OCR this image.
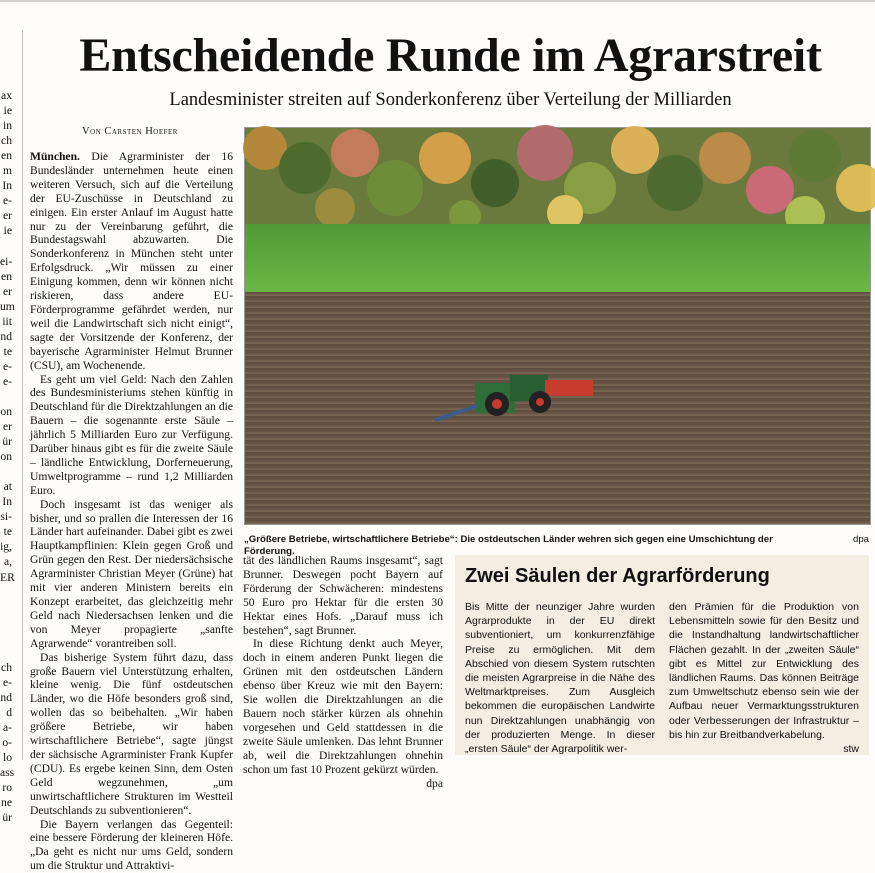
ax
ie
in
ch
en
m
In
e-
er
ie

ei-
en
er
um
iit
nd
te
e-
e-

on
er
ür
on

at
In
si-
te
ig,
a,
ER

ch
e-
nd
d
a-
o-
lo
ass
ro
ne
ür
Entscheidende Runde im Agrarstreit
Landesminister streiten auf Sonderkonferenz über Verteilung der Milliarden
Von Carsten Hoefer

München. Die Agrarminister der 16 Bundesländer unternehmen heute einen weiteren Versuch, sich auf die Verteilung der EU-Zuschüsse in Deutschland zu einigen. Ein erster Anlauf im August hatte nur zu der Vereinbarung geführt, die Bundestagswahl abzuwarten. Die Sonderkonferenz in München steht unter Erfolgsdruck. „Wir müssen zu einer Einigung kommen, denn wir können nicht riskieren, dass andere EU-Förderprogramme gefährdet werden, nur weil die Landwirtschaft sich nicht einigt“, sagte der Vorsitzende der Konferenz, der bayerische Agrarminister Helmut Brunner (CSU), am Wochenende.

Es geht um viel Geld: Nach den Zahlen des Bundesministeriums stehen künftig in Deutschland für die Direktzahlungen an die Bauern – die sogenannte erste Säule – jährlich 5 Milliarden Euro zur Verfügung. Darüber hinaus gibt es für die zweite Säule – ländliche Entwicklung, Dorferneuerung, Umweltprogramme – rund 1,2 Milliarden Euro.

Doch insgesamt ist das weniger als bisher, und so prallen die Interessen der 16 Länder hart aufeinander. Dabei gibt es zwei Hauptkampflinien: Klein gegen Groß und Grün gegen den Rest. Der niedersächsische Agrarminister Christian Meyer (Grüne) hat mit vier anderen Ministern bereits ein Konzept erarbeitet, das gleichzeitig mehr Geld nach Niedersachsen lenken und die von Meyer propagierte „sanfte Agrarwende“ vorantreiben soll.

Das bisherige System führt dazu, dass große Bauern viel Unterstützung erhalten, kleine wenig. Die fünf ostdeutschen Länder, wo die Höfe besonders groß sind, wollen das so beibehalten. „Wir haben größere Betriebe, wir haben wirtschaftlichere Betriebe“, sagte jüngst der sächsische Agrarminister Frank Kupfer (CDU). Es ergebe keinen Sinn, dem Osten Geld wegzunehmen, „um unwirtschaftlichere Strukturen im Westteil Deutschlands zu subventionieren“.

Die Bayern verlangen das Gegenteil: eine bessere Förderung der kleineren Höfe. „Da geht es nicht nur ums Geld, sondern um die Struktur und Attraktivi-

„Größere Betriebe, wirtschaftlichere Betriebe“: Die ostdeutschen Länder wehren sich gegen eine Umschichtung der Förderung.
dpa

tät des ländlichen Raums insgesamt“, sagt Brunner. Deswegen pocht Bayern auf Förderung der Schwächeren: mindestens 50 Euro pro Hektar für die ersten 30 Hektar eines Hofs. „Darauf muss ich bestehen“, sagt Brunner.

In diese Richtung denkt auch Meyer, doch in einem anderen Punkt liegen die Grünen mit den ostdeutschen Ländern ebenso über Kreuz wie mit den Bayern: Sie wollen die Direktzahlungen an die Bauern noch stärker kürzen als ohnehin vorgesehen und Geld stattdessen in die zweite Säule umlenken. Das lehnt Brunner ab, weil die Direktzahlungen ohnehin schon um fast 10 Prozent gekürzt würden.

dpa
Zwei Säulen der Agrarförderung
Bis Mitte der neunziger Jahre wurden Agrarprodukte in der EU direkt subventioniert, um konkurrenzfähige Preise zu ermöglichen. Mit dem Abschied von diesem System rutschten die meisten Agrarpreise in die Nähe des Weltmarktpreises. Zum Ausgleich bekommen die europäischen Landwirte nun Direktzahlungen unabhängig von der produzierten Menge. In dieser „ersten Säule“ der Agrarpolitik wer-
den Prämien für die Produktion von Lebensmitteln sowie für den Besitz und die Instandhaltung landwirtschaftlicher Flächen gezahlt. In der „zweiten Säule“ gibt es Mittel zur Entwicklung des ländlichen Raums. Das können Beiträge zum Umweltschutz ebenso sein wie der Aufbau neuer Vermarktungsstrukturen oder Verbesserungen der Infrastruktur – bis hin zur Breitbandverkabelung.
stw
